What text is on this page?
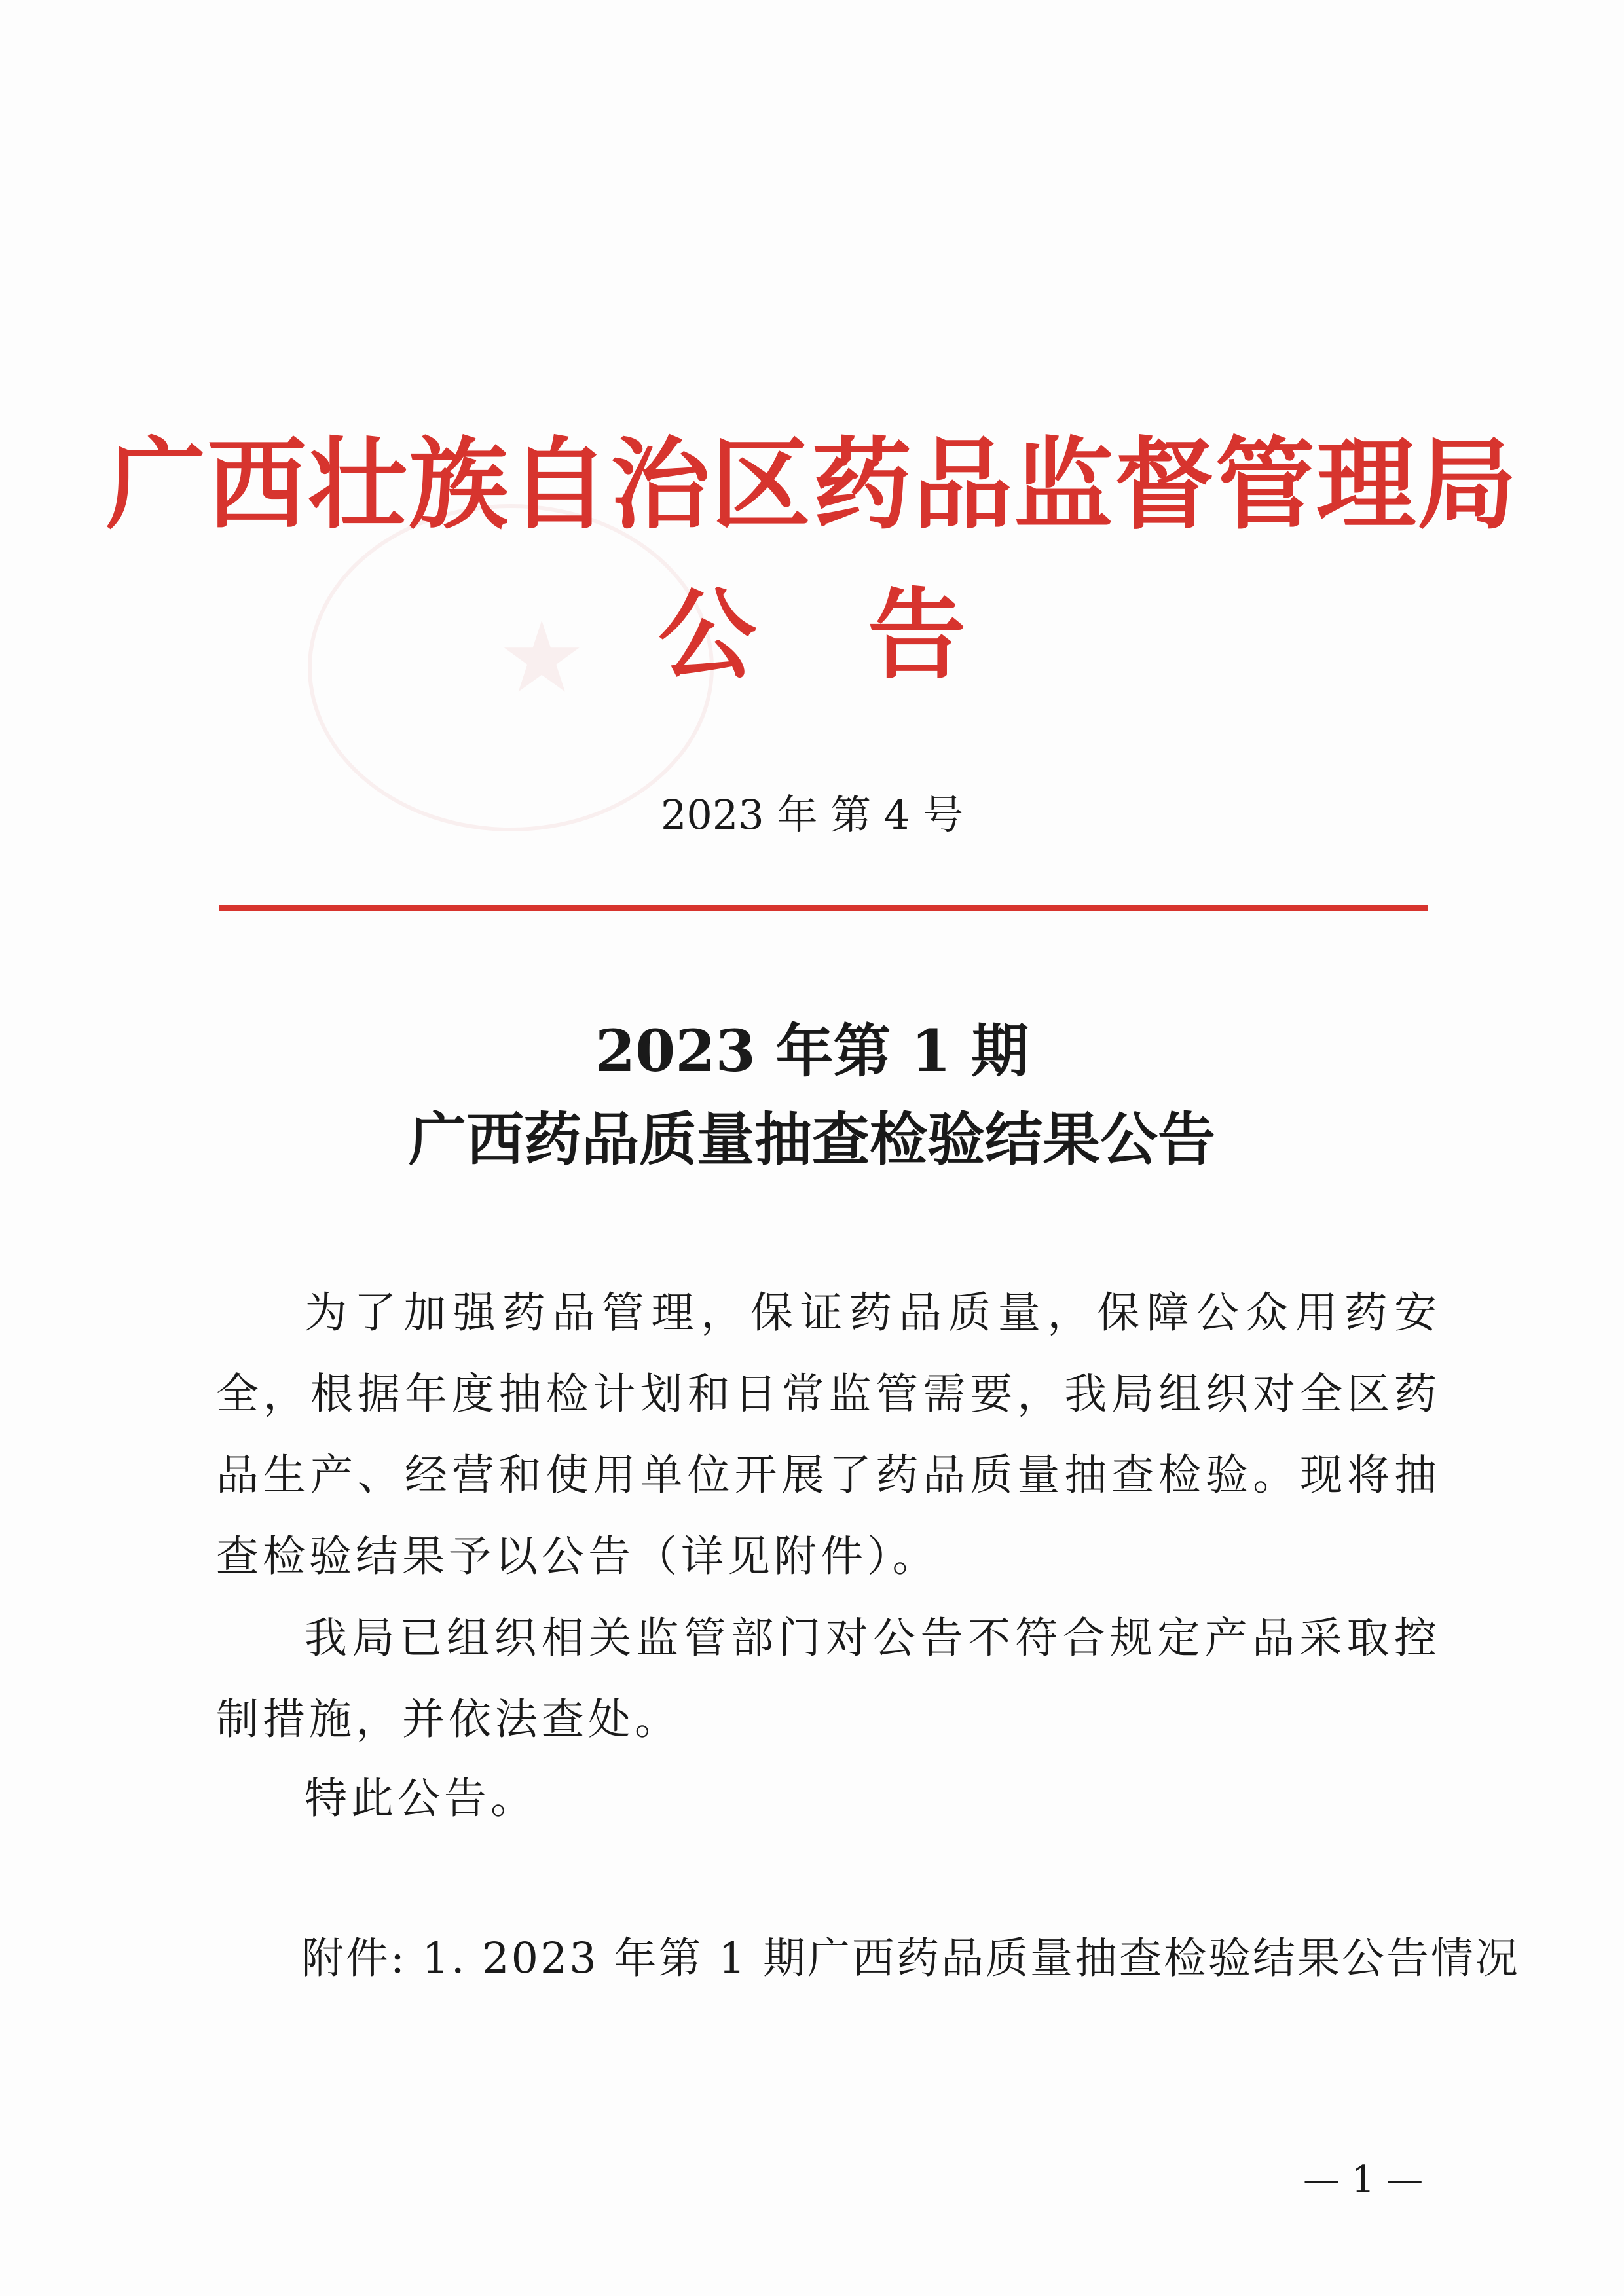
★
广西壮族自治区药品监督管理局
公告
2023 年 第 4 号
2023 年第 1 期
广西药品质量抽查检验结果公告
为了加强药品管理，保证药品质量，保障公众用药安全，根据年度抽检计划和日常监管需要，我局组织对全区药品生产、经营和使用单位开展了药品质量抽查检验。现将抽查检验结果予以公告（详见附件）。
我局已组织相关监管部门对公告不符合规定产品采取控制措施，并依法查处。
特此公告。
附件: 1. 2023 年第 1 期广西药品质量抽查检验结果公告情况
— 1 —
